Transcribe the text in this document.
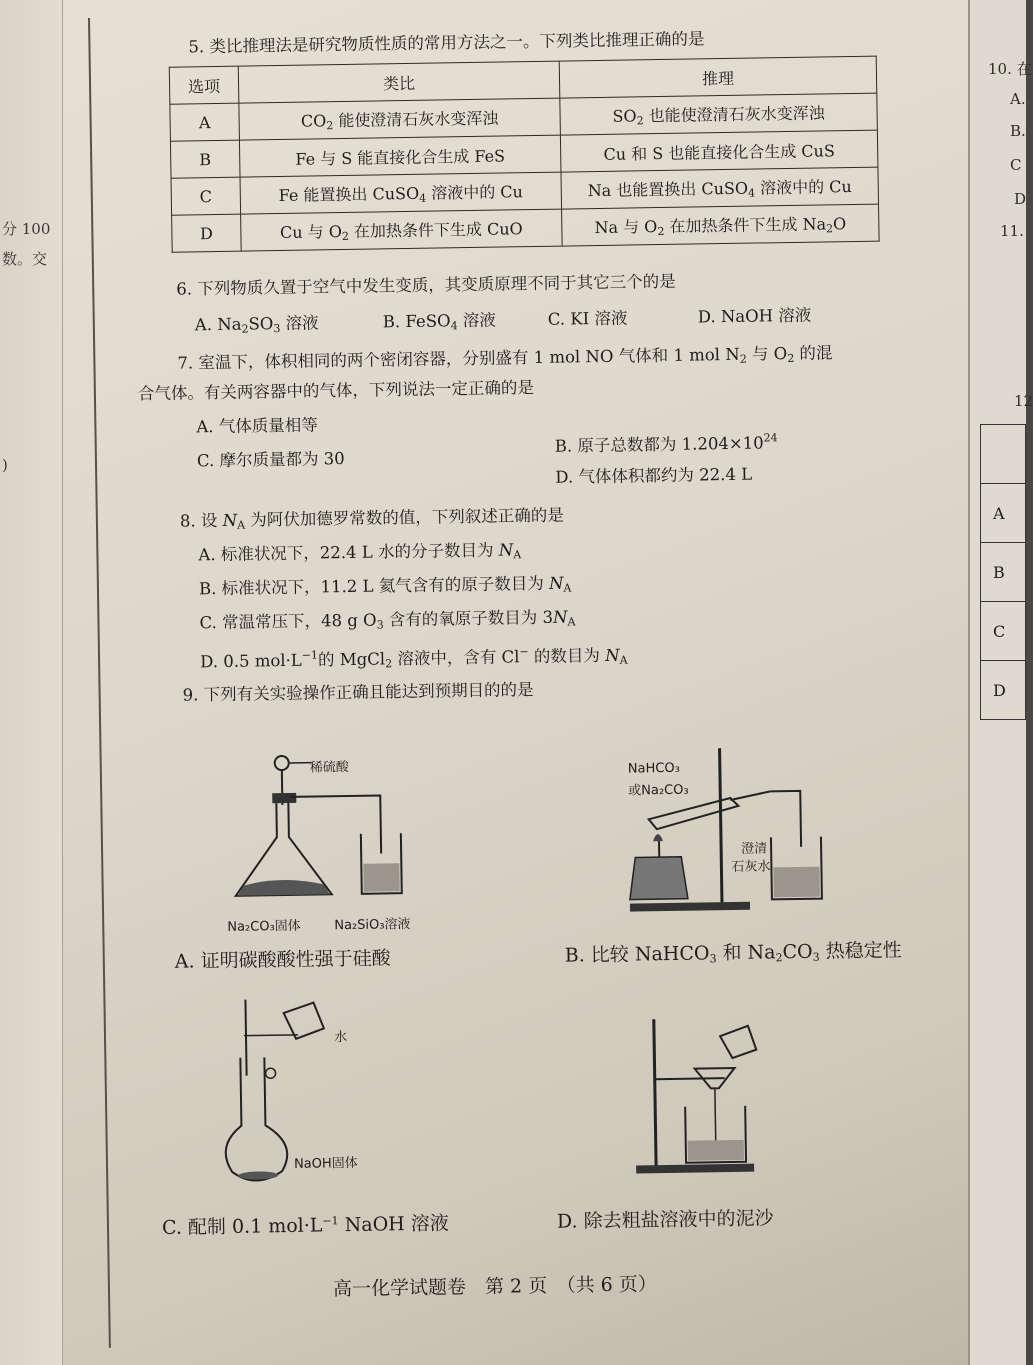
分 100
数。交
)
10. 在
A.
B.
C
D
11.
12

A
B
C
D
5. 类比推理法是研究物质性质的常用方法之一。下列类比推理正确的是
选项	类比	推理
A	$CO_2$ 能使澄清石灰水变浑浊	$SO_2$ 也能使澄清石灰水变浑浊
B	Fe 与 S 能直接化合生成 FeS	Cu 和 S 也能直接化合生成 CuS
C	Fe 能置换出 CuSO$_4$ 溶液中的 Cu	Na 也能置换出 CuSO$_4$ 溶液中的 Cu
D	Cu 与 $O_2$ 在加热条件下生成 CuO	Na 与 $O_2$ 在加热条件下生成 $Na_2O$
6. 下列物质久置于空气中发生变质，其变质原理不同于其它三个的是
A. $Na_2SO_3$ 溶液	B. FeSO$_4$ 溶液	C. KI 溶液	D. NaOH 溶液
7. 室温下，体积相同的两个密闭容器，分别盛有 1 mol NO 气体和 1 mol $N_2$ 与 $O_2$ 的混
合气体。有关两容器中的气体，下列说法一定正确的是
A. 气体质量相等
C. 摩尔质量都为 30
B. 原子总数都为 $1.204\times 10^{24}$
D. 气体体积都约为 22.4 L
8. 设 $N_A$ 为阿伏加德罗常数的值，下列叙述正确的是
A. 标准状况下，22.4 L 水的分子数目为 $N_A$
B. 标准状况下，11.2 L 氦气含有的原子数目为 $N_A$
C. 常温常压下，48 g $O_3$ 含有的氧原子数目为 $3N_A$
D. 0.5 $mol\cdot L^{-1}$的 MgCl$_2$ 溶液中，含有 Cl− 的数目为 $N_A$
9. 下列有关实验操作正确且能达到预期目的的是
稀硫酸
Na₂CO₃固体	Na₂SiO₃溶液
A. 证明碳酸酸性强于硅酸
NaHCO₃
或Na₂CO₃
澄清
石灰水
B. 比较 NaHCO$_3$ 和 $Na_2CO_3$ 热稳定性
水
NaOH固体
C. 配制 0.1 $mol\cdot L^{-1}$ NaOH 溶液	D. 除去粗盐溶液中的泥沙
高一化学试题卷　第 2 页　（共 6 页）
